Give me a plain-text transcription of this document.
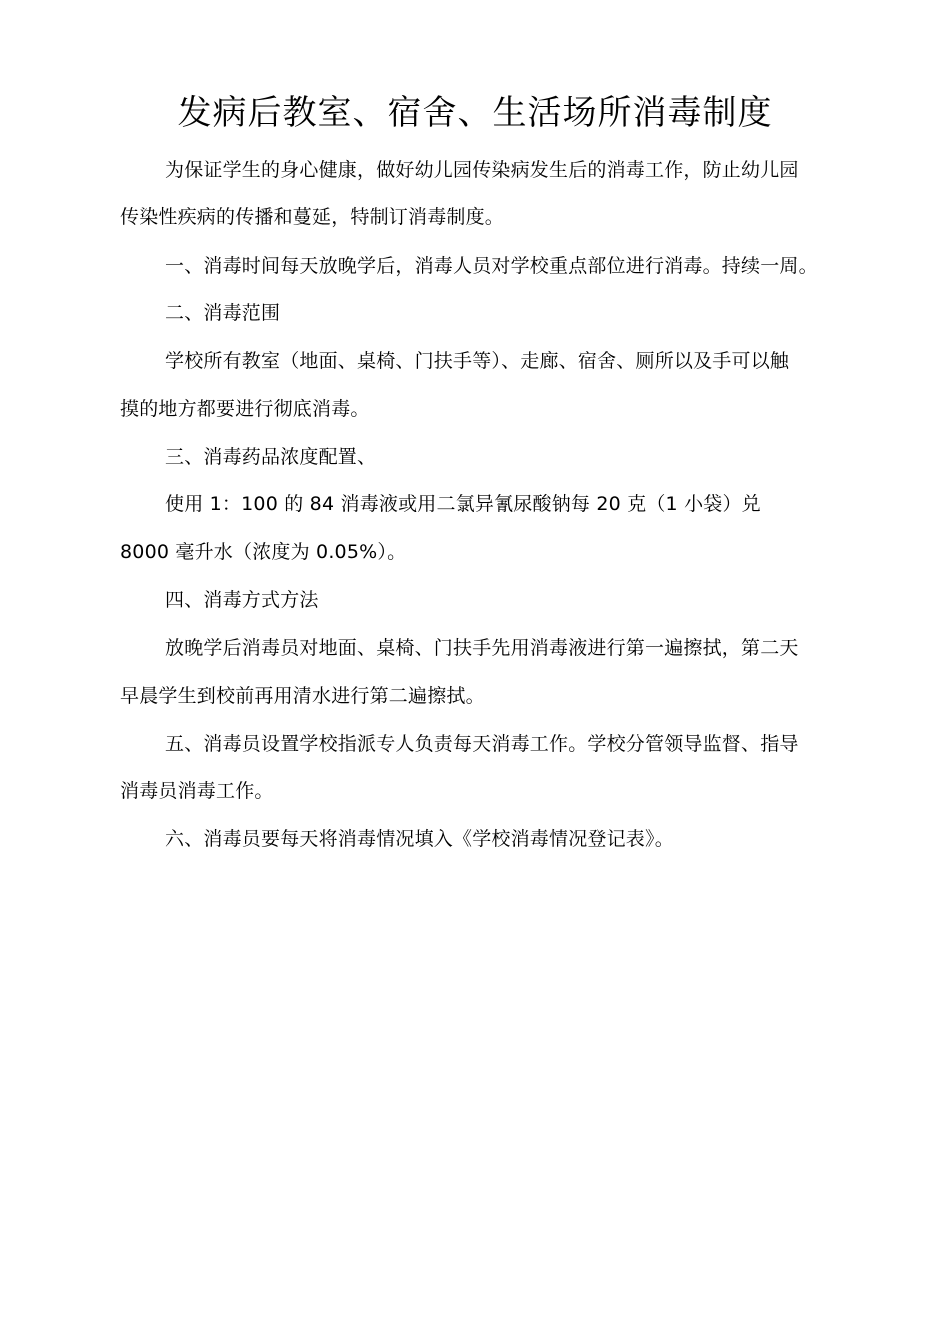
发病后教室、宿舍、生活场所消毒制度

为保证学生的身心健康，做好幼儿园传染病发生后的消毒工作，防止幼儿园

传染性疾病的传播和蔓延，特制订消毒制度。

一、消毒时间每天放晚学后，消毒人员对学校重点部位进行消毒。持续一周。

二、消毒范围

学校所有教室（地面、桌椅、门扶手等）、走廊、宿舍、厕所以及手可以触

摸的地方都要进行彻底消毒。

三、消毒药品浓度配置、

使用 1：100 的 84 消毒液或用二氯异氰尿酸钠每 20 克（1 小袋）兑

8000 毫升水（浓度为 0.05%）。

四、消毒方式方法

放晚学后消毒员对地面、桌椅、门扶手先用消毒液进行第一遍擦拭，第二天

早晨学生到校前再用清水进行第二遍擦拭。

五、消毒员设置学校指派专人负责每天消毒工作。学校分管领导监督、指导

消毒员消毒工作。

六、消毒员要每天将消毒情况填入《学校消毒情况登记表》。
